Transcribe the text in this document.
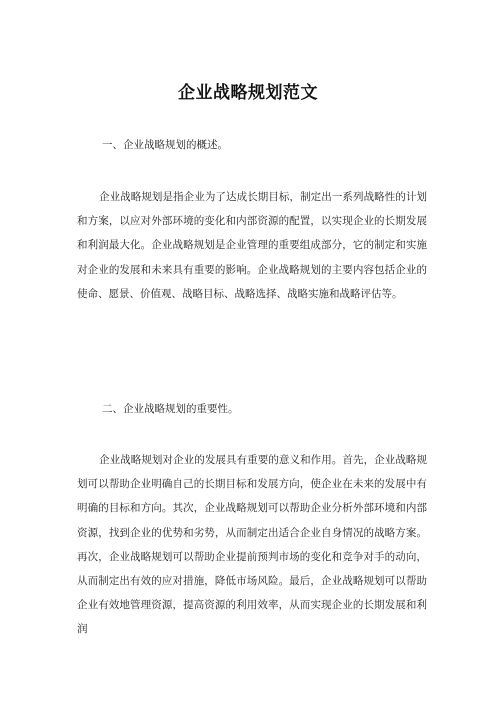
企业战略规划范文
一、企业战略规划的概述。

企业战略规划是指企业为了达成长期目标，制定出一系列战略性的计划和方案，以应对外部环境的变化和内部资源的配置，以实现企业的长期发展和利润最大化。企业战略规划是企业管理的重要组成部分，它的制定和实施对企业的发展和未来具有重要的影响。企业战略规划的主要内容包括企业的使命、愿景、价值观、战略目标、战略选择、战略实施和战略评估等。

二、企业战略规划的重要性。

企业战略规划对企业的发展具有重要的意义和作用。首先，企业战略规划可以帮助企业明确自己的长期目标和发展方向，使企业在未来的发展中有明确的目标和方向。其次，企业战略规划可以帮助企业分析外部环境和内部资源，找到企业的优势和劣势，从而制定出适合企业自身情况的战略方案。再次，企业战略规划可以帮助企业提前预判市场的变化和竞争对手的动向，从而制定出有效的应对措施，降低市场风险。最后，企业战略规划可以帮助企业有效地管理资源，提高资源的利用效率，从而实现企业的长期发展和利润
